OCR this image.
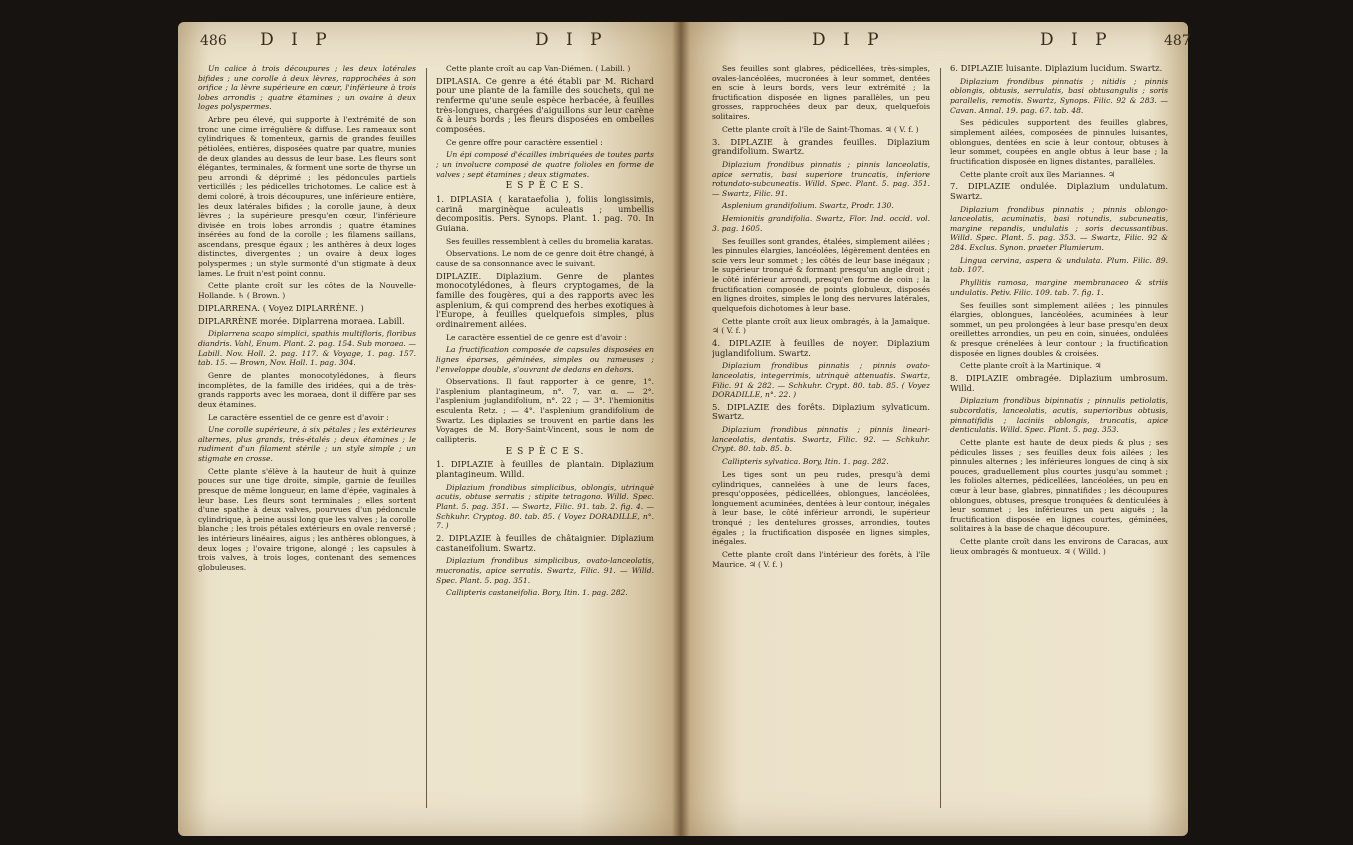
486 D I P	D I P	D I P	D I P	487

Un calice à trois découpures ; les deux latérales bifides ; une corolle à deux lèvres, rapprochées à son orifice ; la lèvre supérieure en cœur, l'inférieure à trois lobes arrondis ; quatre étamines ; un ovaire à deux loges polyspermes.

Arbre peu élevé, qui supporte à l'extrémité de son tronc une cime irrégulière & diffuse. Les rameaux sont cylindriques & tomenteux, garnis de grandes feuilles pétiolées, entières, disposées quatre par quatre, munies de deux glandes au dessus de leur base. Les fleurs sont élégantes, terminales, & forment une sorte de thyrse un peu arrondi & déprimé ; les pédoncules partiels verticillés ; les pédicelles trichotomes. Le calice est à demi coloré, à trois découpures, une inférieure entière, les deux latérales bifides ; la corolle jaune, à deux lèvres ; la supérieure presqu'en cœur, l'inférieure divisée en trois lobes arrondis ; quatre étamines insérées au fond de la corolle ; les filamens saillans, ascendans, presque égaux ; les anthères à deux loges distinctes, divergentes ; un ovaire à deux loges polyspermes ; un style surmonté d'un stigmate à deux lames. Le fruit n'est point connu.

Cette plante croît sur les côtes de la Nouvelle-Hollande. ♄ ( Brown. )

DIPLARRENA. ( Voyez DIPLARRÈNE. )

DIPLARRÈNE morée. Diplarrena moraea. Labill.

Diplarrena scapo simplici, spathis multifloris, floribus diandris. Vahl, Enum. Plant. 2. pag. 154. Sub moraea. — Labill. Nov. Holl. 2. pag. 117. & Voyage, 1. pag. 157. tab. 15. — Brown, Nov. Holl. 1. pag. 304.

Genre de plantes monocotylédones, à fleurs incomplètes, de la famille des iridées, qui a de très-grands rapports avec les moraea, dont il diffère par ses deux étamines.

Le caractère essentiel de ce genre est d'avoir :

Une corolle supérieure, à six pétales ; les extérieures alternes, plus grands, très-étalés ; deux étamines ; le rudiment d'un filament stérile ; un style simple ; un stigmate en crosse.

Cette plante s'élève à la hauteur de huit à quinze pouces sur une tige droite, simple, garnie de feuilles presque de même longueur, en lame d'épée, vaginales à leur base. Les fleurs sont terminales ; elles sortent d'une spathe à deux valves, pourvues d'un pédoncule cylindrique, à peine aussi long que les valves ; la corolle blanche ; les trois pétales extérieurs en ovale renversé ; les intérieurs linéaires, aigus ; les anthères oblongues, à deux loges ; l'ovaire trigone, alongé ; les capsules à trois valves, à trois loges, contenant des semences globuleuses.

Cette plante croît au cap Van-Diémen. ( Labill. )

DIPLASIA. Ce genre a été établi par M. Richard pour une plante de la famille des souchets, qui ne renferme qu'une seule espèce herbacée, à feuilles très-longues, chargées d'aiguillons sur leur carène & à leurs bords ; les fleurs disposées en ombelles composées.

Ce genre offre pour caractère essentiel :

Un épi composé d'écailles imbriquées de toutes parts ; un involucre composé de quatre folioles en forme de valves ; sept étamines ; deux stigmates.

E S P È C E S.

1. DIPLASIA ( karataefolia ), foliis longissimis, carinâ marginèque aculeatis ; umbellis decompositis. Pers. Synops. Plant. 1. pag. 70. In Guiana.

Ses feuilles ressemblent à celles du bromelia karatas.

Observations. Le nom de ce genre doit être changé, à cause de sa consonnance avec le suivant.

DIPLAZIE. Diplazium. Genre de plantes monocotylédones, à fleurs cryptogames, de la famille des fougères, qui a des rapports avec les asplenium, & qui comprend des herbes exotiques à l'Europe, à feuilles quelquefois simples, plus ordinairement ailées.

Le caractère essentiel de ce genre est d'avoir :

La fructification composée de capsules disposées en lignes éparses, géminées, simples ou rameuses ; l'enveloppe double, s'ouvrant de dedans en dehors.

Observations. Il faut rapporter à ce genre, 1°. l'asplenium plantagineum, n°. 7, var. α. — 2°. l'asplenium juglandifolium, n°. 22 ; — 3°. l'hemionitis esculenta Retz. ; — 4°. l'asplenium grandifolium de Swartz. Les diplazies se trouvent en partie dans les Voyages de M. Bory-Saint-Vincent, sous le nom de callipteris.

E S P È C E S.

1. DIPLAZIE à feuilles de plantain. Diplazium plantagineum. Willd.

Diplazium frondibus simplicibus, oblongis, utrinquè acutis, obtuse serratis ; stipite tetragono. Willd. Spec. Plant. 5. pag. 351. — Swartz, Filic. 91. tab. 2. fig. 4. — Schkuhr. Cryptog. 80. tab. 85. ( Voyez DORADILLE, n°. 7. )

2. DIPLAZIE à feuilles de châtaignier. Diplazium castaneifolium. Swartz.

Diplazium frondibus simplicibus, ovato-lanceolatis, mucronatis, apice serratis. Swartz, Filic. 91. — Willd. Spec. Plant. 5. pag. 351.

Callipteris castaneifolia. Bory, Itin. 1. pag. 282.

Ses feuilles sont glabres, pédicellées, très-simples, ovales-lancéolées, mucronées à leur sommet, dentées en scie à leurs bords, vers leur extrémité ; la fructification disposée en lignes parallèles, un peu grosses, rapprochées deux par deux, quelquefois solitaires.

Cette plante croît à l'île de Saint-Thomas. ♃ ( V. f. )

3. DIPLAZIE à grandes feuilles. Diplazium grandifolium. Swartz.

Diplazium frondibus pinnatis ; pinnis lanceolatis, apice serratis, basi superiore truncatis, inferiore rotundato-subcuneatis. Willd. Spec. Plant. 5. pag. 351. — Swartz, Filic. 91.

Asplenium grandifolium. Swartz, Prodr. 130.

Hemionitis grandifolia. Swartz, Flor. Ind. occid. vol. 3. pag. 1605.

Ses feuilles sont grandes, étalées, simplement ailées ; les pinnules élargies, lancéolées, légèrement dentées en scie vers leur sommet ; les côtés de leur base inégaux ; le supérieur tronqué & formant presqu'un angle droit ; le côté inférieur arrondi, presqu'en forme de coin ; la fructification composée de points globuleux, disposés en lignes droites, simples le long des nervures latérales, quelquefois dichotomes à leur base.

Cette plante croît aux lieux ombragés, à la Jamaïque. ♃ ( V. f. )

4. DIPLAZIE à feuilles de noyer. Diplazium juglandifolium. Swartz.

Diplazium frondibus pinnatis ; pinnis ovato-lanceolatis, integerrimis, utrinquè attenuatis. Swartz, Filic. 91 & 282. — Schkuhr. Crypt. 80. tab. 85. ( Voyez DORADILLE, n°. 22. )

5. DIPLAZIE des forêts. Diplazium sylvaticum. Swartz.

Diplazium frondibus pinnatis ; pinnis lineari-lanceolatis, dentatis. Swartz, Filic. 92. — Schkuhr. Crypt. 80. tab. 85. b.

Callipteris sylvatica. Bory, Itin. 1. pag. 282.

Les tiges sont un peu rudes, presqu'à demi cylindriques, cannelées à une de leurs faces, presqu'opposées, pédicellées, oblongues, lancéolées, longuement acuminées, dentées à leur contour, inégales à leur base, le côté inférieur arrondi, le supérieur tronqué ; les dentelures grosses, arrondies, toutes égales ; la fructification disposée en lignes simples, inégales.

Cette plante croît dans l'intérieur des forêts, à l'île Maurice. ♃ ( V. f. )

6. DIPLAZIE luisante. Diplazium lucidum. Swartz.

Diplazium frondibus pinnatis ; nitidis ; pinnis oblongis, obtusis, serrulatis, basi obtusangulis ; soris parallelis, remotis. Swartz, Synops. Filic. 92 & 283. — Cavan. Annal. 19. pag. 67. tab. 48.

Ses pédicules supportent des feuilles glabres, simplement ailées, composées de pinnules luisantes, oblongues, dentées en scie à leur contour, obtuses à leur sommet, coupées en angle obtus à leur base ; la fructification disposée en lignes distantes, parallèles.

Cette plante croît aux îles Mariannes. ♃

7. DIPLAZIE ondulée. Diplazium undulatum. Swartz.

Diplazium frondibus pinnatis ; pinnis oblongo-lanceolatis, acuminatis, basi rotundis, subcuneatis, margine repandis, undulatis ; soris decussantibus. Willd. Spec. Plant. 5. pag. 353. — Swartz, Filic. 92 & 284. Exclus. Synon. praeter Plumierum.

Lingua cervina, aspera & undulata. Plum. Filic. 89. tab. 107.

Phyllitis ramosa, margine membranaceo & striis undulatis. Petiv. Filic. 109. tab. 7. fig. 1.

Ses feuilles sont simplement ailées ; les pinnules élargies, oblongues, lancéolées, acuminées à leur sommet, un peu prolongées à leur base presqu'en deux oreillettes arrondies, un peu en coin, sinuées, ondulées & presque crénelées à leur contour ; la fructification disposée en lignes doubles & croisées.

Cette plante croît à la Martinique. ♃

8. DIPLAZIE ombragée. Diplazium umbrosum. Willd.

Diplazium frondibus bipinnatis ; pinnulis petiolatis, subcordatis, lanceolatis, acutis, superioribus obtusis, pinnatifidis ; laciniis oblongis, truncatis, apice denticulatis. Willd. Spec. Plant. 5. pag. 353.

Cette plante est haute de deux pieds & plus ; ses pédicules lisses ; ses feuilles deux fois ailées ; les pinnules alternes ; les inférieures longues de cinq à six pouces, graduellement plus courtes jusqu'au sommet ; les folioles alternes, pédicellées, lancéolées, un peu en cœur à leur base, glabres, pinnatifides ; les découpures oblongues, obtuses, presque tronquées & denticulées à leur sommet ; les inférieures un peu aiguës ; la fructification disposée en lignes courtes, géminées, solitaires à la base de chaque découpure.

Cette plante croît dans les environs de Caracas, aux lieux ombragés & montueux. ♃ ( Willd. )
